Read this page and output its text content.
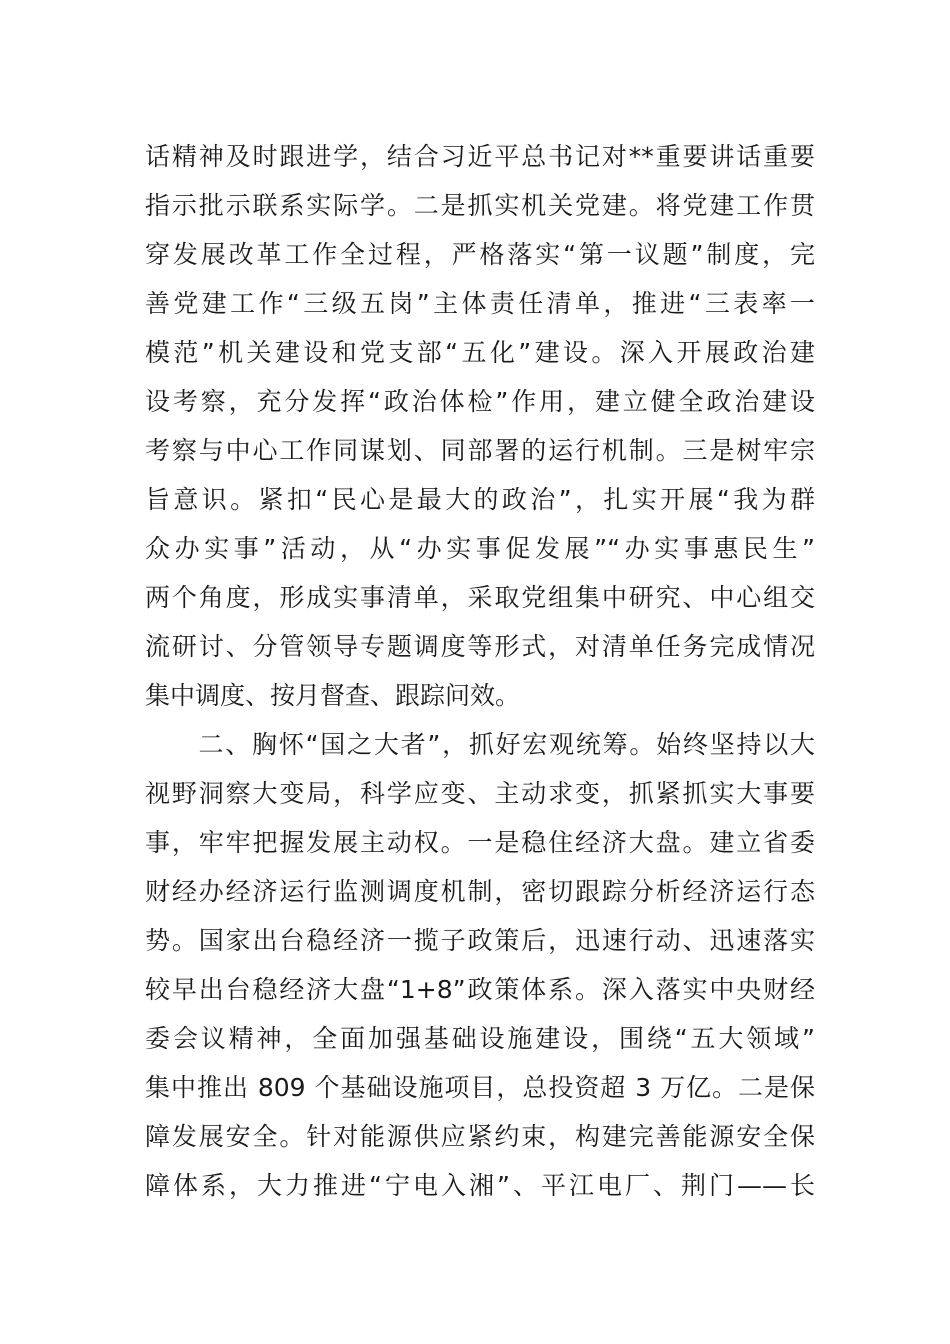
话精神及时跟进学，结合习近平总书记对**重要讲话重要
指示批示联系实际学。二是抓实机关党建。将党建工作贯
穿发展改革工作全过程，严格落实“第一议题”制度，完
善党建工作“三级五岗”主体责任清单，推进“三表率一
模范”机关建设和党支部“五化”建设。深入开展政治建
设考察，充分发挥“政治体检”作用，建立健全政治建设
考察与中心工作同谋划、同部署的运行机制。三是树牢宗
旨意识。紧扣“民心是最大的政治”，扎实开展“我为群
众办实事”活动，从“办实事促发展”“办实事惠民生”
两个角度，形成实事清单，采取党组集中研究、中心组交
流研讨、分管领导专题调度等形式，对清单任务完成情况
集中调度、按月督查、跟踪问效。
　　二、胸怀“国之大者”，抓好宏观统筹。始终坚持以大
视野洞察大变局，科学应变、主动求变，抓紧抓实大事要
事，牢牢把握发展主动权。一是稳住经济大盘。建立省委
财经办经济运行监测调度机制，密切跟踪分析经济运行态
势。国家出台稳经济一揽子政策后，迅速行动、迅速落实
较早出台稳经济大盘“1+8”政策体系。深入落实中央财经
委会议精神，全面加强基础设施建设，围绕“五大领域”
集中推出 809 个基础设施项目，总投资超 3 万亿。二是保
障发展安全。针对能源供应紧约束，构建完善能源安全保
障体系，大力推进“宁电入湘”、平江电厂、荆门——长
